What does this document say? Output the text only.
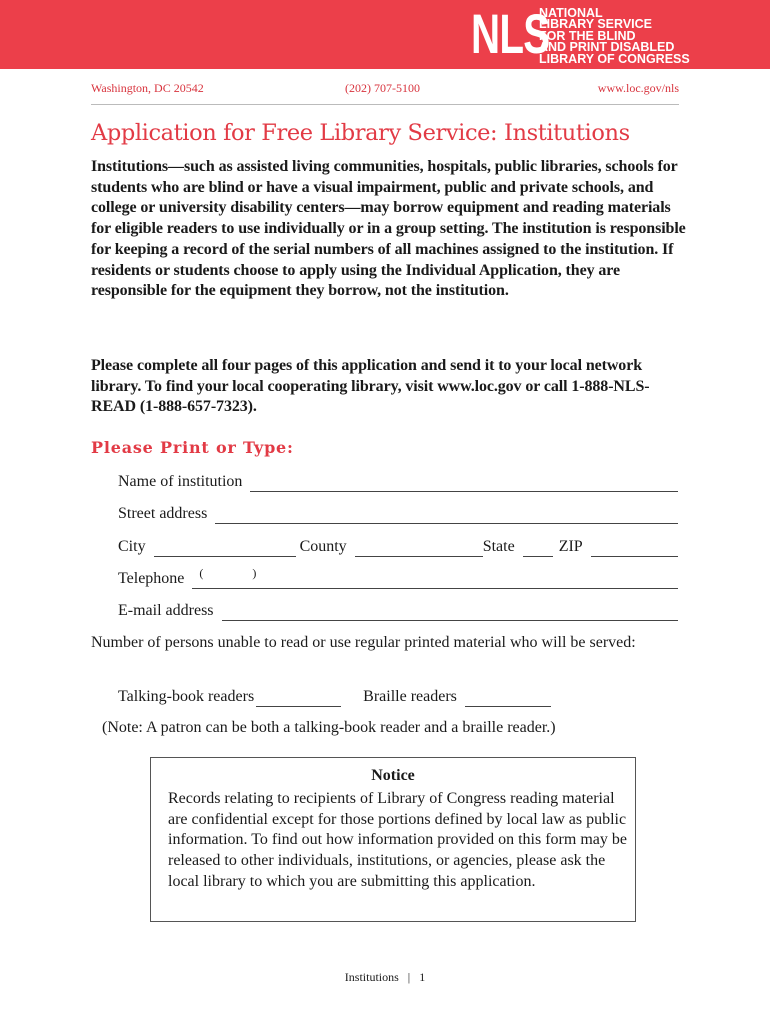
NLS
NATIONAL
LIBRARY SERVICE
FOR THE BLIND
AND PRINT DISABLED
LIBRARY OF CONGRESS
Washington, DC 20542	(202) 707-5100	www.loc.gov/nls
Application for Free Library Service: Institutions

Institutions—such as assisted living communities, hospitals, public libraries, schools for students who are blind or have a visual impairment, public and private schools, and college or university disability centers—may borrow equipment and reading materials for eligible readers to use individually or in a group setting. The institution is responsible for keeping a record of the serial numbers of all machines assigned to the institution. If residents or students choose to apply using the Individual Application, they are responsible for the equipment they borrow, not the institution.

Please complete all four pages of this application and send it to your local network library. To find your local cooperating library, visit www.loc.gov or call 1-888-NLS-READ (1-888-657-7323).

Please Print or Type:
Name of institution
Street address
City	County	State	ZIP
Telephone	(	)
E-mail address

Number of persons unable to read or use regular printed material who will be served:

Talking-book readers	Braille readers

(Note: A patron can be both a talking-book reader and a braille reader.)

Notice

Records relating to recipients of Library of Congress reading material are confidential except for those portions defined by local law as public information. To find out how information provided on this form may be released to other individuals, institutions, or agencies, please ask the local library to which you are submitting this application.

Institutions | 1
